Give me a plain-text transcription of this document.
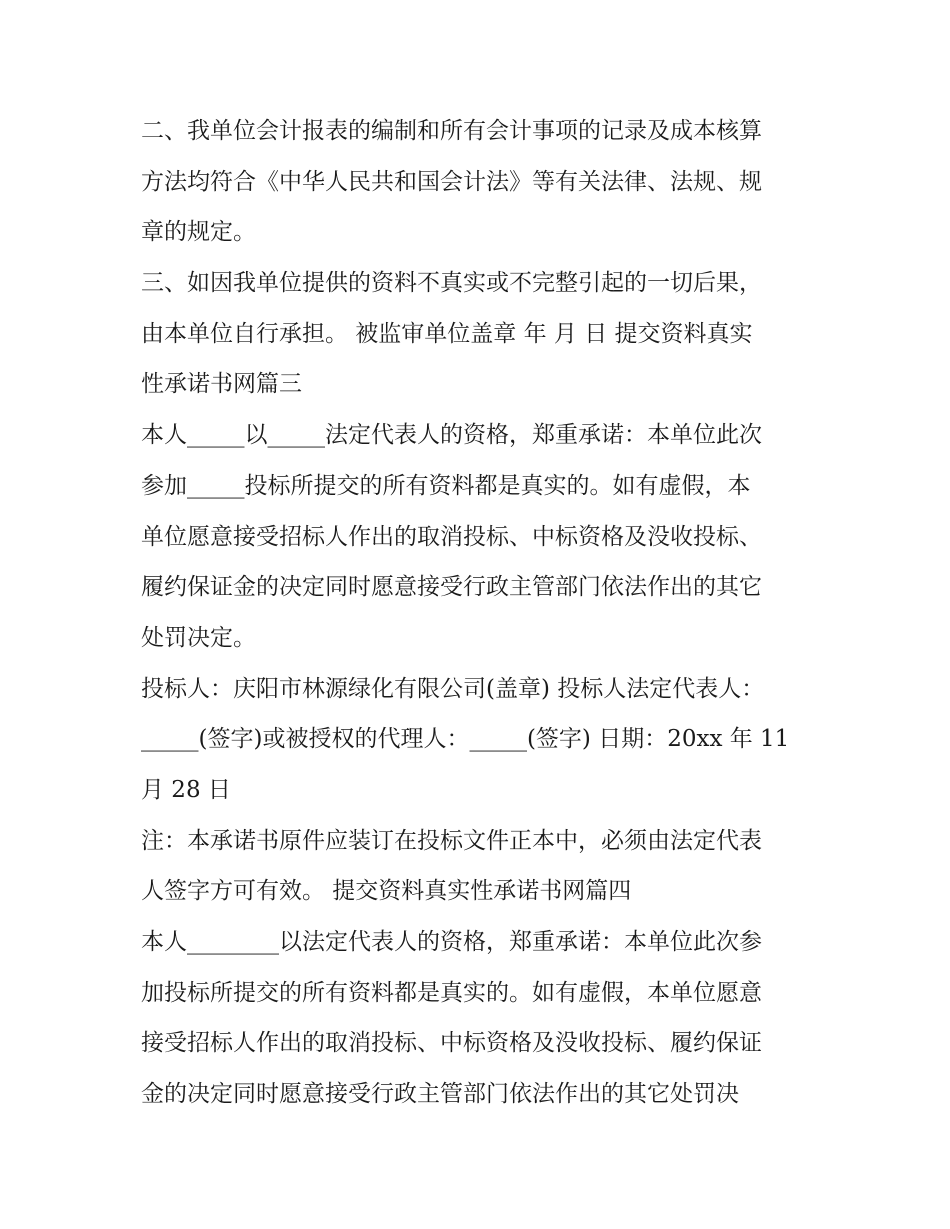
二、我单位会计报表的编制和所有会计事项的记录及成本核算
方法均符合《中华人民共和国会计法》等有关法律、法规、规
章的规定。
三、如因我单位提供的资料不真实或不完整引起的一切后果，
由本单位自行承担。 被监审单位盖章 年 月 日 提交资料真实
性承诺书网篇三
本人_____以_____法定代表人的资格，郑重承诺：本单位此次
参加_____投标所提交的所有资料都是真实的。如有虚假，本
单位愿意接受招标人作出的取消投标、中标资格及没收投标、
履约保证金的决定同时愿意接受行政主管部门依法作出的其它
处罚决定。
投标人：庆阳市林源绿化有限公司(盖章) 投标人法定代表人：
_____(签字)或被授权的代理人：_____(签字) 日期：20xx 年 11
月 28 日
注：本承诺书原件应装订在投标文件正本中，必须由法定代表
人签字方可有效。 提交资料真实性承诺书网篇四
本人________以法定代表人的资格，郑重承诺：本单位此次参
加投标所提交的所有资料都是真实的。如有虚假，本单位愿意
接受招标人作出的取消投标、中标资格及没收投标、履约保证
金的决定同时愿意接受行政主管部门依法作出的其它处罚决
